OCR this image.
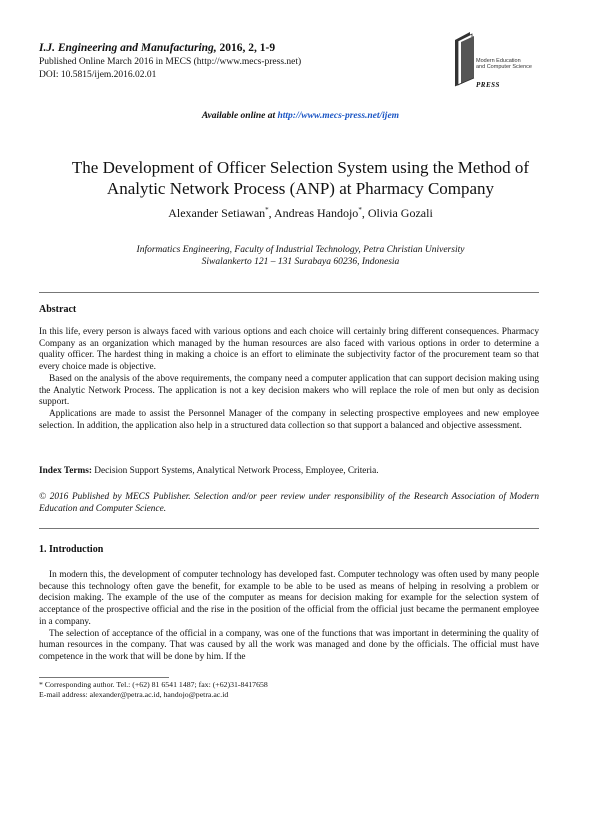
I.J. Engineering and Manufacturing, 2016, 2, 1-9
Published Online March 2016 in MECS (http://www.mecs-press.net)
DOI: 10.5815/ijem.2016.02.01
Modern Education
and Computer Science
PRESS
Available online at http://www.mecs-press.net/ijem
The Development of Officer Selection System using the Method of
Analytic Network Process (ANP) at Pharmacy Company
Alexander Setiawan*, Andreas Handojo*, Olivia Gozali
Informatics Engineering, Faculty of Industrial Technology, Petra Christian University
Siwalankerto 121 – 131 Surabaya 60236, Indonesia
Abstract

In this life, every person is always faced with various options and each choice will certainly bring different consequences. Pharmacy Company as an organization which managed by the human resources are also faced with various options in order to determine a quality officer. The hardest thing in making a choice is an effort to eliminate the subjectivity factor of the procurement team so that every choice made is objective.

Based on the analysis of the above requirements, the company need a computer application that can support decision making using the Analytic Network Process. The application is not a key decision makers who will replace the role of men but only as decision support.

Applications are made to assist the Personnel Manager of the company in selecting prospective employees and new employee selection. In addition, the application also help in a structured data collection so that support a balanced and objective assessment.

Index Terms: Decision Support Systems, Analytical Network Process, Employee, Criteria.

© 2016 Published by MECS Publisher. Selection and/or peer review under responsibility of the Research Association of Modern Education and Computer Science.

1. Introduction

In modern this, the development of computer technology has developed fast. Computer technology was often used by many people because this technology often gave the benefit, for example to be able to be used as means of helping in resolving a problem or decision making. The example of the use of the computer as means for decision making for example for the selection system of acceptance of the prospective official and the rise in the position of the official from the official just became the permanent employee in a company.

The selection of acceptance of the official in a company, was one of the functions that was important in determining the quality of human resources in the company. That was caused by all the work was managed and done by the officials. The official must have competence in the work that will be done by him. If the

* Corresponding author. Tel.: (+62) 81 6541 1487; fax: (+62)31-8417658
E-mail address: alexander@petra.ac.id, handojo@petra.ac.id
